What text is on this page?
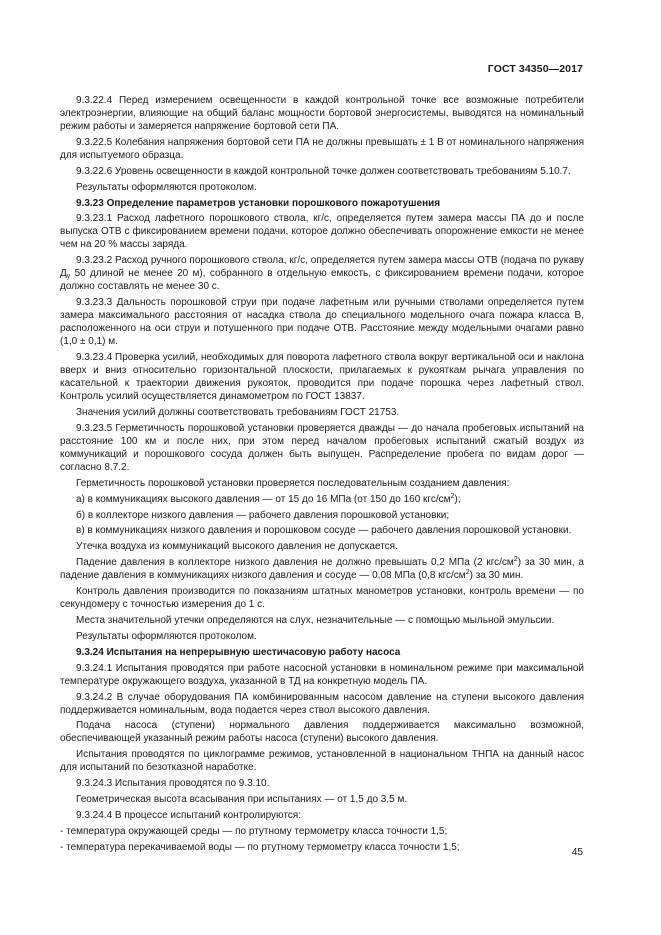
ГОСТ 34350—2017

9.3.22.4 Перед измерением освещенности в каждой контрольной точке все возможные потребители электроэнергии, влияющие на общий баланс мощности бортовой энергосистемы, выводятся на номинальный режим работы и замеряется напряжение бортовой сети ПА.

9.3.22.5 Колебания напряжения бортовой сети ПА не должны превышать ± 1 В от номинального напряжения для испытуемого образца.

9.3.22.6 Уровень освещенности в каждой контрольной точке должен соответствовать требованиям 5.10.7.

Результаты оформляются протоколом.

9.3.23 Определение параметров установки порошкового пожаротушения

9.3.23.1 Расход лафетного порошкового ствола, кг/с, определяется путем замера массы ПА до и после выпуска ОТВ с фиксированием времени подачи, которое должно обеспечивать опорожнение емкости не менее чем на 20 % массы заряда.

9.3.23.2 Расход ручного порошкового ствола, кг/с, определяется путем замера массы ОТВ (подача по рукаву $Д_у$ 50 длиной не менее 20 м), собранного в отдельную емкость, с фиксированием времени подачи, которое должно составлять не менее 30 с.

9.3.23.3 Дальность порошковой струи при подаче лафетным или ручными стволами определяется путем замера максимального расстояния от насадка ствола до специального модельного очага пожара класса В, расположенного на оси струи и потушенного при подаче ОТВ. Расстояние между модельными очагами равно (1,0 ± 0,1) м.

9.3.23.4 Проверка усилий, необходимых для поворота лафетного ствола вокруг вертикальной оси и наклона вверх и вниз относительно горизонтальной плоскости, прилагаемых к рукояткам рычага управления по касательной к траектории движения рукояток, проводится при подаче порошка через лафетный ствол. Контроль усилий осуществляется динамометром по ГОСТ 13837.

Значения усилий должны соответствовать требованиям ГОСТ 21753.

9.3.23.5 Герметичность порошковой установки проверяется дважды — до начала пробеговых испытаний на расстояние 100 км и после них, при этом перед началом пробеговых испытаний сжатый воздух из коммуникаций и порошкового сосуда должен быть выпущен. Распределение пробега по видам дорог — согласно 8.7.2.

Герметичность порошковой установки проверяется последовательным созданием давления:

а) в коммуникациях высокого давления — от 15 до 16 МПа (от 150 до 160 кгс/$см^2$);

б) в коллекторе низкого давления — рабочего давления порошковой установки;

в) в коммуникациях низкого давления и порошковом сосуде — рабочего давления порошковой установки.

Утечка воздуха из коммуникаций высокого давления не допускается.

Падение давления в коллекторе низкого давления не должно превышать 0,2 МПа (2 кгс/$см^2$) за 30 мин, а падение давления в коммуникациях низкого давления и сосуде — 0,08 МПа (0,8 кгс/$см^2$) за 30 мин.

Контроль давления производится по показаниям штатных манометров установки, контроль времени — по секундомеру с точностью измерения до 1 с.

Места значительной утечки определяются на слух, незначительные — с помощью мыльной эмульсии.

Результаты оформляются протоколом.

9.3.24 Испытания на непрерывную шестичасовую работу насоса

9.3.24.1 Испытания проводятся при работе насосной установки в номинальном режиме при максимальной температуре окружающего воздуха, указанной в ТД на конкретную модель ПА.

9.3.24.2 В случае оборудования ПА комбинированным насосом давление на ступени высокого давления поддерживается номинальным, вода подается через ствол высокого давления.

Подача насоса (ступени) нормального давления поддерживается максимально возможной, обеспечивающей указанный режим работы насоса (ступени) высокого давления.

Испытания проводятся по циклограмме режимов, установленной в национальном ТНПА на данный насос для испытаний по безотказной наработке.

9.3.24.3 Испытания проводятся по 9.3.10.

Геометрическая высота всасывания при испытаниях — от 1,5 до 3,5 м.

9.3.24.4 В процессе испытаний контролируются:

- температура окружающей среды — по ртутному термометру класса точности 1,5;

- температура перекачиваемой воды — по ртутному термометру класса точности 1,5;	45
